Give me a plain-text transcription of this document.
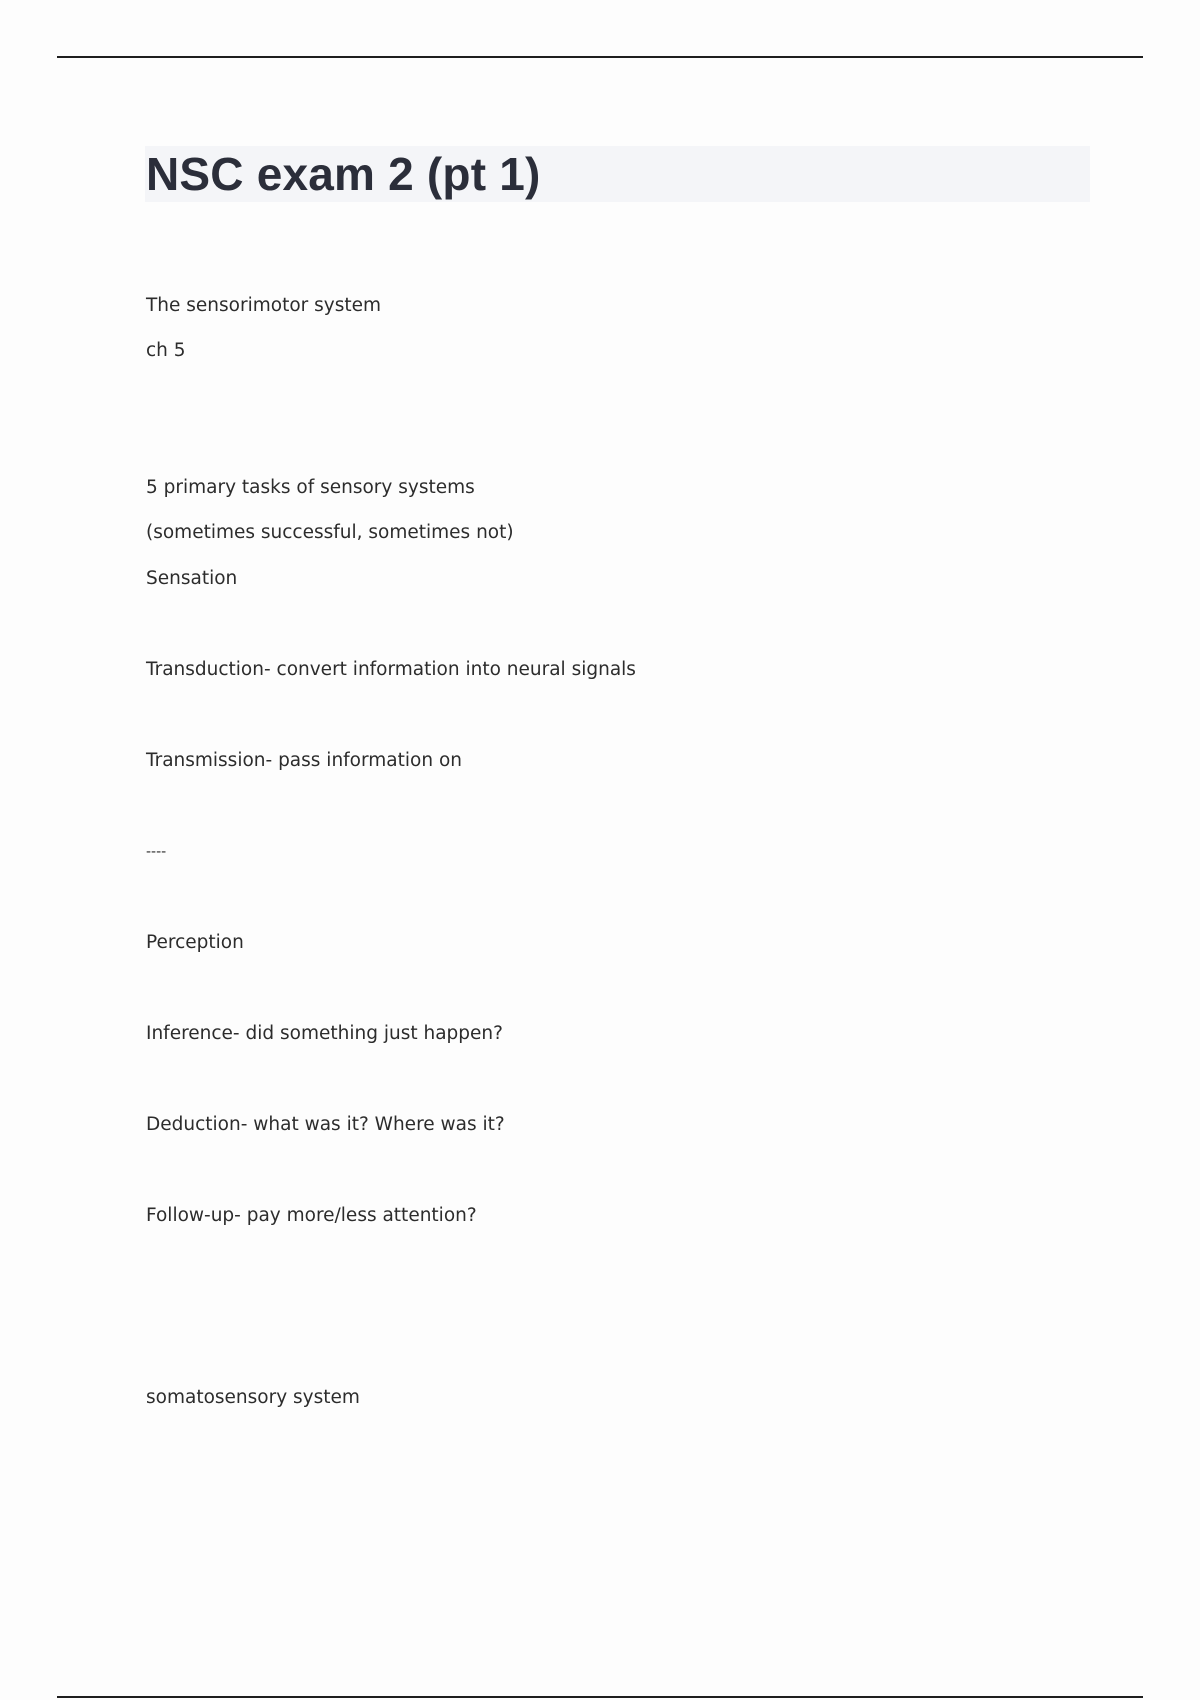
NSC exam 2 (pt 1)

The sensorimotor system

ch 5

5 primary tasks of sensory systems

(sometimes successful, sometimes not)

Sensation

Transduction- convert information into neural signals

Transmission- pass information on

----

Perception

Inference- did something just happen?

Deduction- what was it? Where was it?

Follow-up- pay more/less attention?

somatosensory system
